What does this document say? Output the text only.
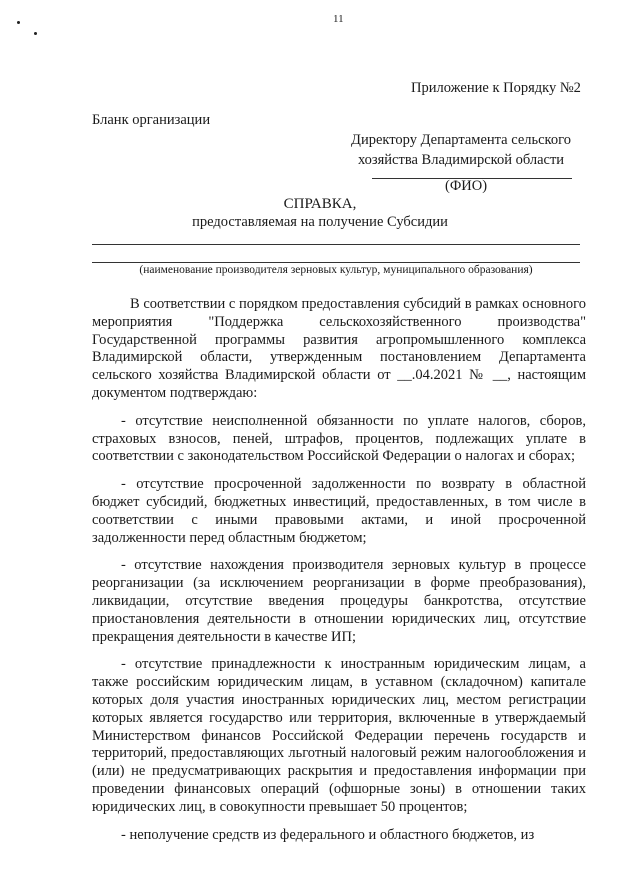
11
Приложение к Порядку №2
Бланк организации
Директору Департамента сельского хозяйства Владимирской области
(ФИО)
СПРАВКА,
предоставляемая на получение Субсидии
(наименование производителя зерновых культур, муниципального образования)

В соответствии с порядком предоставления субсидий в рамках основного мероприятия "Поддержка сельскохозяйственного производства" Государственной программы развития агропромышленного комплекса Владимирской области, утвержденным постановлением Департамента сельского хозяйства Владимирской области от __.04.2021 № __, настоящим документом подтверждаю:

- отсутствие неисполненной обязанности по уплате налогов, сборов, страховых взносов, пеней, штрафов, процентов, подлежащих уплате в соответствии с законодательством Российской Федерации о налогах и сборах;

- отсутствие просроченной задолженности по возврату в областной бюджет субсидий, бюджетных инвестиций, предоставленных, в том числе в соответствии с иными правовыми актами, и иной просроченной задолженности перед областным бюджетом;

- отсутствие нахождения производителя зерновых культур в процессе реорганизации (за исключением реорганизации в форме преобразования), ликвидации, отсутствие введения процедуры банкротства, отсутствие приостановления деятельности в отношении юридических лиц, отсутствие прекращения деятельности в качестве ИП;

- отсутствие принадлежности к иностранным юридическим лицам, а также российским юридическим лицам, в уставном (складочном) капитале которых доля участия иностранных юридических лиц, местом регистрации которых является государство или территория, включенные в утверждаемый Министерством финансов Российской Федерации перечень государств и территорий, предоставляющих льготный налоговый режим налогообложения и (или) не предусматривающих раскрытия и предоставления информации при проведении финансовых операций (офшорные зоны) в отношении таких юридических лиц, в совокупности превышает 50 процентов;

- неполучение средств из федерального и областного бюджетов, из
